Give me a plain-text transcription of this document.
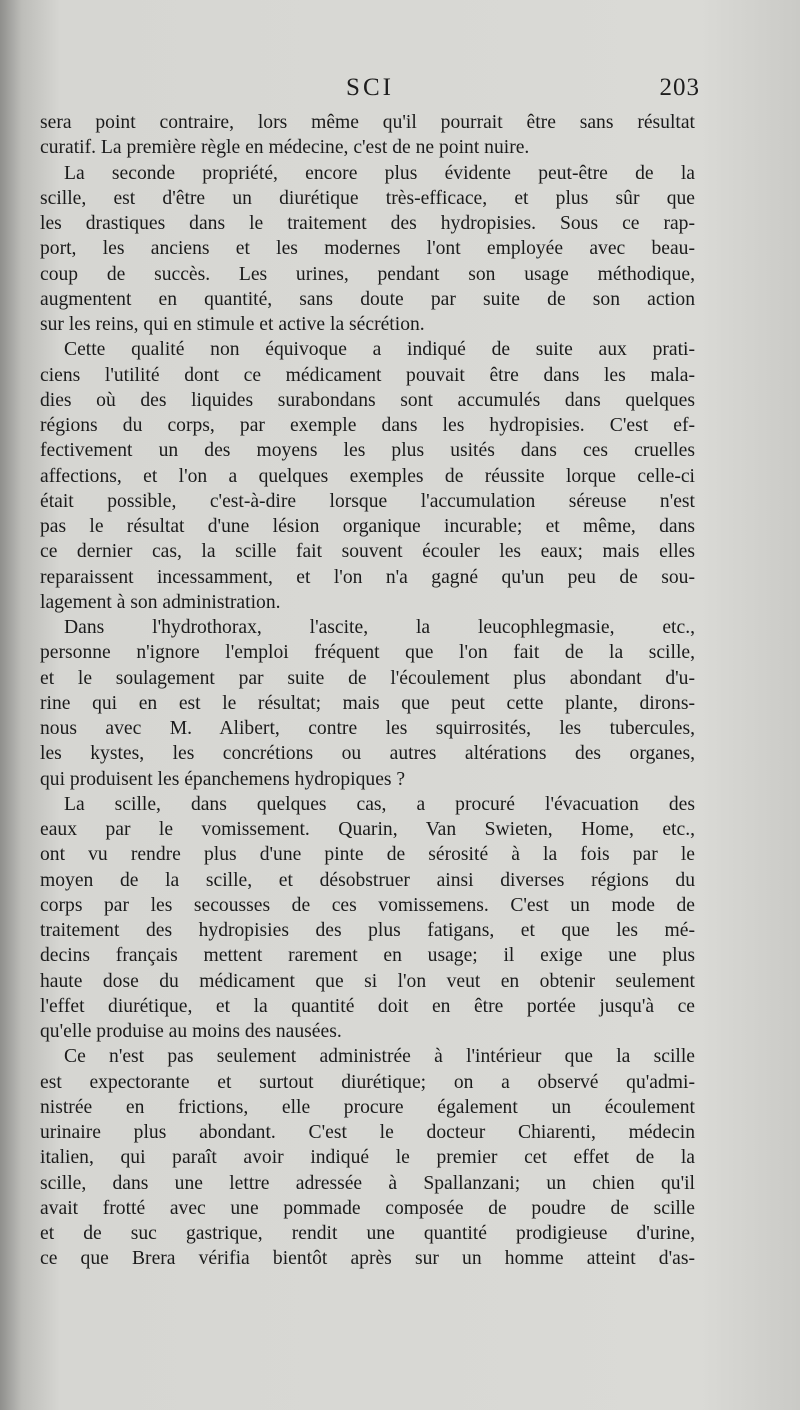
SCI	203
sera point contraire, lors même qu'il pourrait être sans résultat
curatif. La première règle en médecine, c'est de ne point nuire.
La seconde propriété, encore plus évidente peut-être de la
scille, est d'être un diurétique très-efficace, et plus sûr que
les drastiques dans le traitement des hydropisies. Sous ce rap-
port, les anciens et les modernes l'ont employée avec beau-
coup de succès. Les urines, pendant son usage méthodique,
augmentent en quantité, sans doute par suite de son action
sur les reins, qui en stimule et active la sécrétion.
Cette qualité non équivoque a indiqué de suite aux prati-
ciens l'utilité dont ce médicament pouvait être dans les mala-
dies où des liquides surabondans sont accumulés dans quelques
régions du corps, par exemple dans les hydropisies. C'est ef-
fectivement un des moyens les plus usités dans ces cruelles
affections, et l'on a quelques exemples de réussite lorque celle-ci
était possible, c'est-à-dire lorsque l'accumulation séreuse n'est
pas le résultat d'une lésion organique incurable; et même, dans
ce dernier cas, la scille fait souvent écouler les eaux; mais elles
reparaissent incessamment, et l'on n'a gagné qu'un peu de sou-
lagement à son administration.
Dans l'hydrothorax, l'ascite, la leucophlegmasie, etc.,
personne n'ignore l'emploi fréquent que l'on fait de la scille,
et le soulagement par suite de l'écoulement plus abondant d'u-
rine qui en est le résultat; mais que peut cette plante, dirons-
nous avec M. Alibert, contre les squirrosités, les tubercules,
les kystes, les concrétions ou autres altérations des organes,
qui produisent les épanchemens hydropiques ?
La scille, dans quelques cas, a procuré l'évacuation des
eaux par le vomissement. Quarin, Van Swieten, Home, etc.,
ont vu rendre plus d'une pinte de sérosité à la fois par le
moyen de la scille, et désobstruer ainsi diverses régions du
corps par les secousses de ces vomissemens. C'est un mode de
traitement des hydropisies des plus fatigans, et que les mé-
decins français mettent rarement en usage; il exige une plus
haute dose du médicament que si l'on veut en obtenir seulement
l'effet diurétique, et la quantité doit en être portée jusqu'à ce
qu'elle produise au moins des nausées.
Ce n'est pas seulement administrée à l'intérieur que la scille
est expectorante et surtout diurétique; on a observé qu'admi-
nistrée en frictions, elle procure également un écoulement
urinaire plus abondant. C'est le docteur Chiarenti, médecin
italien, qui paraît avoir indiqué le premier cet effet de la
scille, dans une lettre adressée à Spallanzani; un chien qu'il
avait frotté avec une pommade composée de poudre de scille
et de suc gastrique, rendit une quantité prodigieuse d'urine,
ce que Brera vérifia bientôt après sur un homme atteint d'as-
